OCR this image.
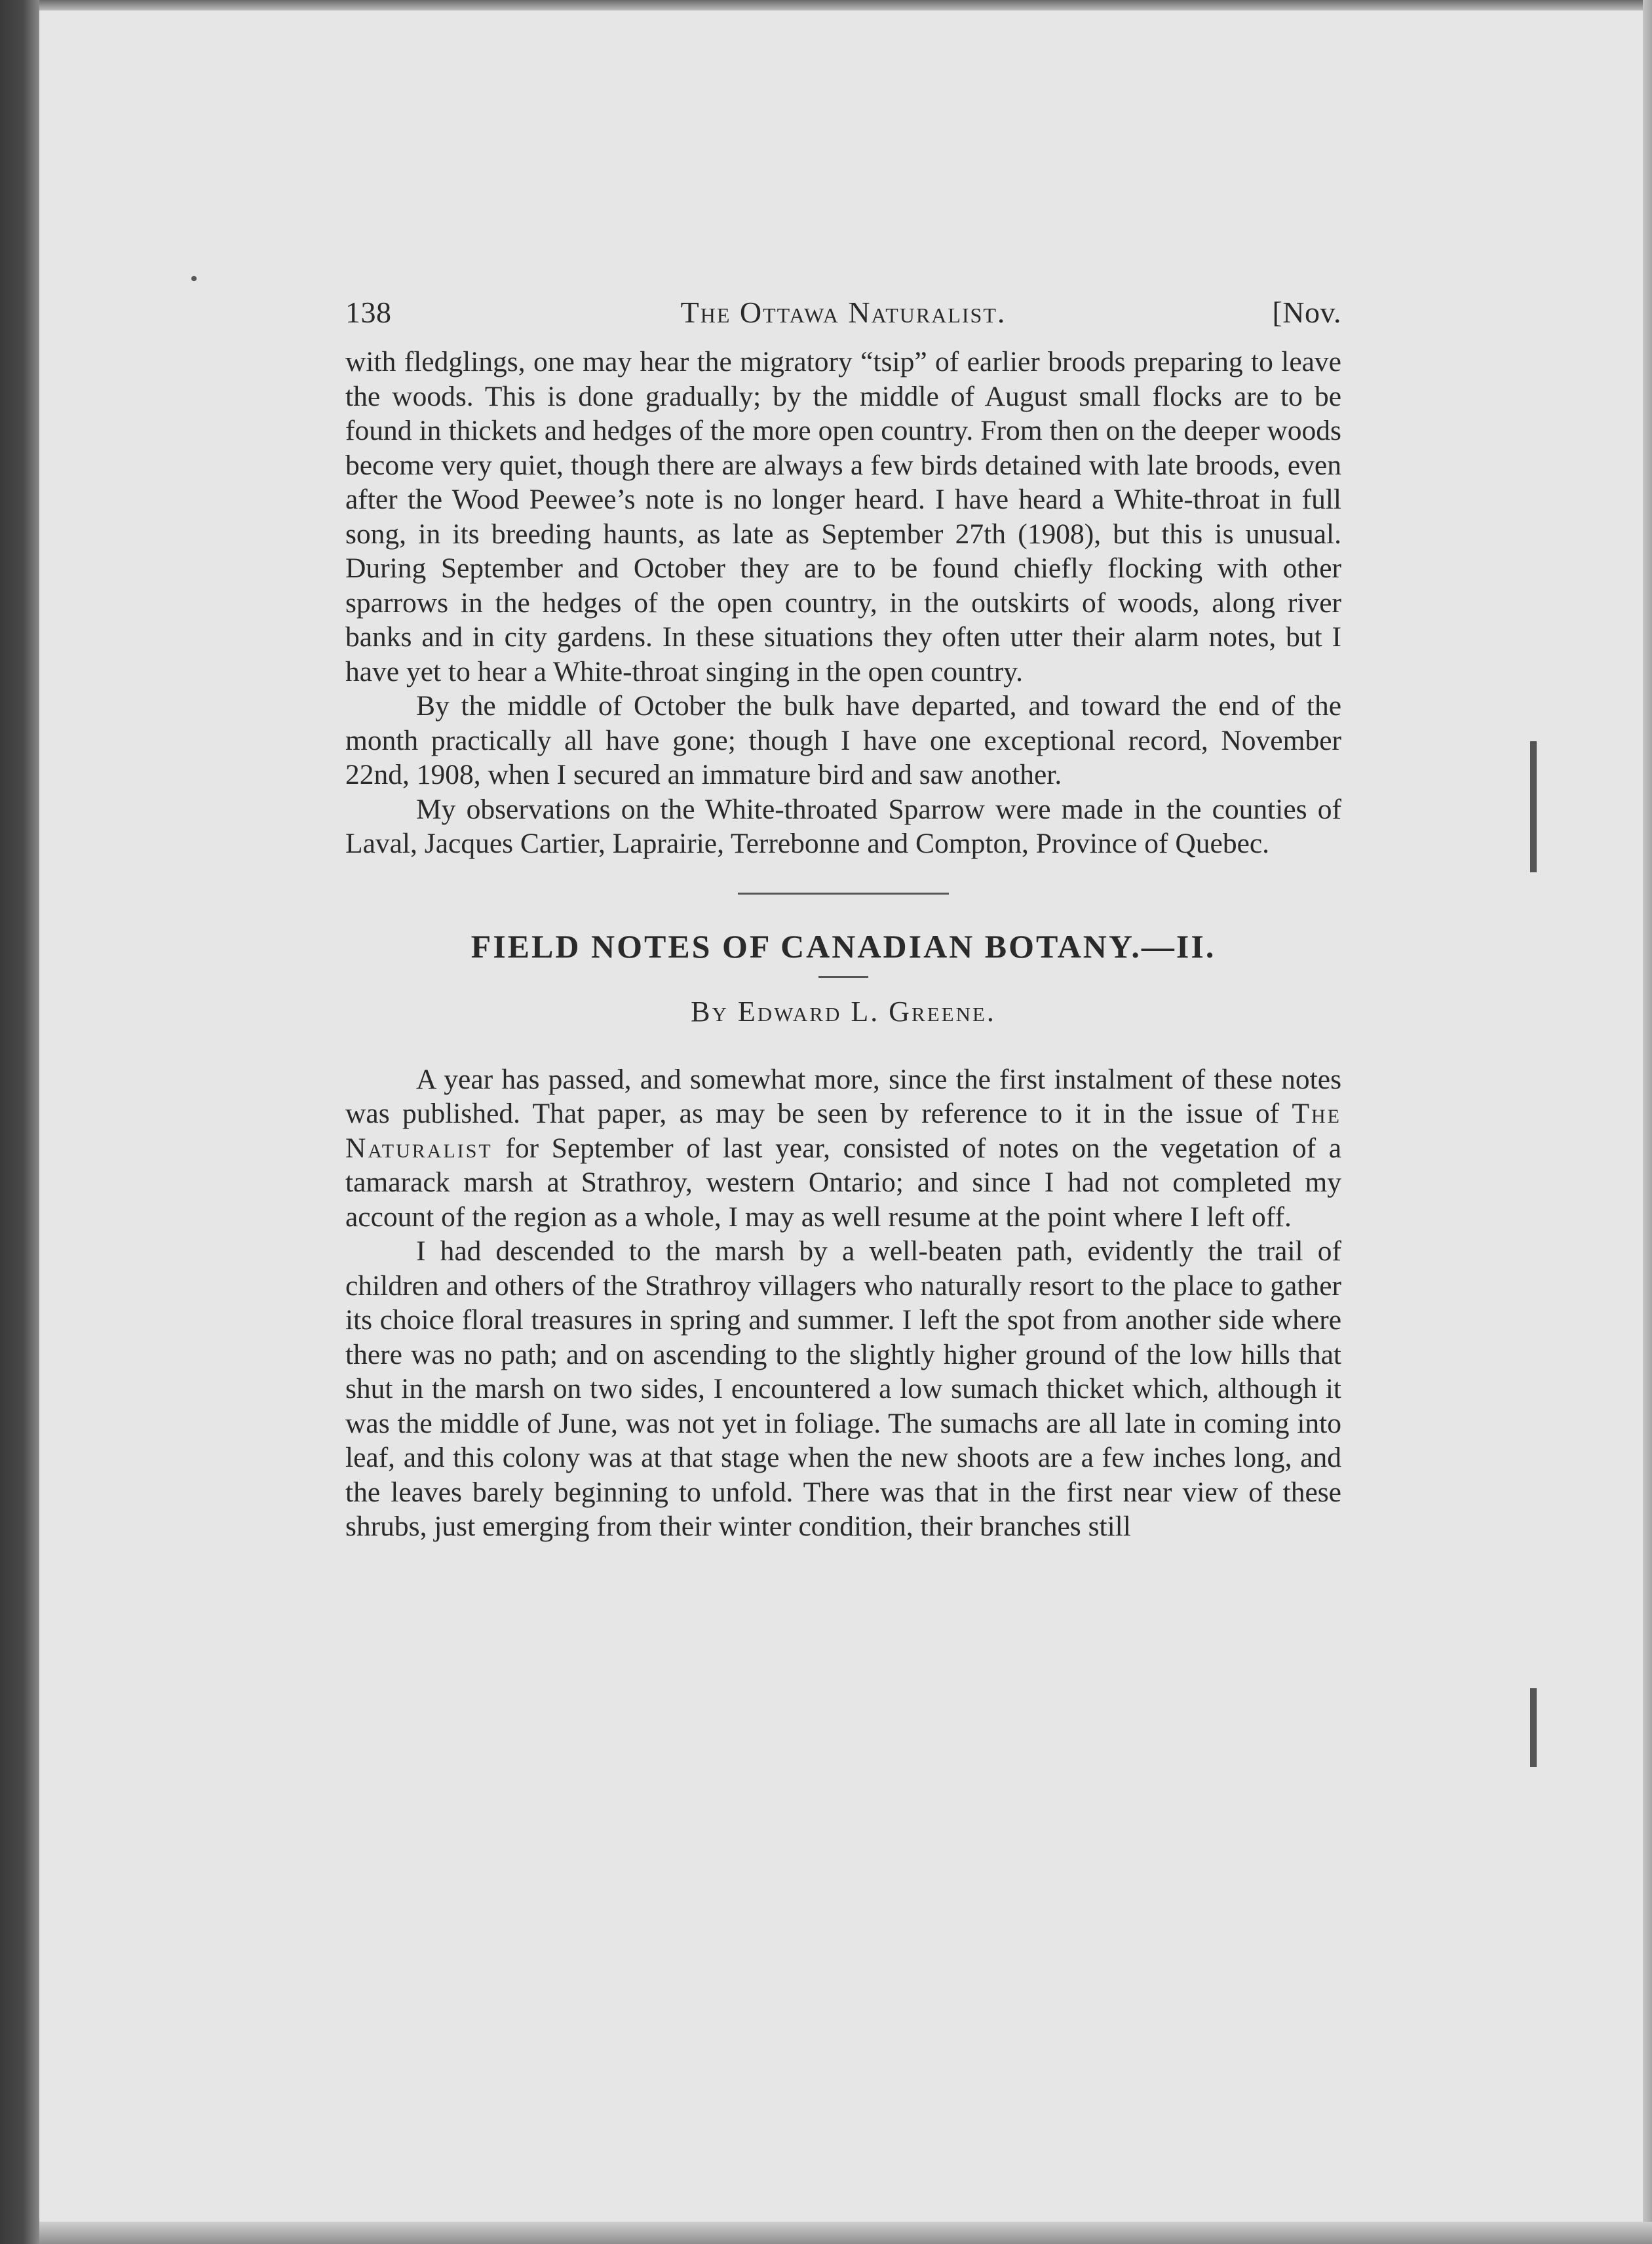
138	The Ottawa Naturalist.	[Nov.

with fledglings, one may hear the migratory “tsip” of earlier broods preparing to leave the woods. This is done gradually; by the middle of August small flocks are to be found in thickets and hedges of the more open country. From then on the deeper woods become very quiet, though there are always a few birds detained with late broods, even after the Wood Peewee’s note is no longer heard. I have heard a White-throat in full song, in its breeding haunts, as late as September 27th (1908), but this is unusual. During September and October they are to be found chiefly flocking with other sparrows in the hedges of the open country, in the outskirts of woods, along river banks and in city gardens. In these situations they often utter their alarm notes, but I have yet to hear a White-throat singing in the open country.

By the middle of October the bulk have departed, and toward the end of the month practically all have gone; though I have one exceptional record, November 22nd, 1908, when I secured an immature bird and saw another.

My observations on the White-throated Sparrow were made in the counties of Laval, Jacques Cartier, Laprairie, Terrebonne and Compton, Province of Quebec.

FIELD NOTES OF CANADIAN BOTANY.—II.
By Edward L. Greene.

A year has passed, and somewhat more, since the first instalment of these notes was published. That paper, as may be seen by reference to it in the issue of The Naturalist for September of last year, consisted of notes on the vegetation of a tamarack marsh at Strathroy, western Ontario; and since I had not completed my account of the region as a whole, I may as well resume at the point where I left off.

I had descended to the marsh by a well-beaten path, evidently the trail of children and others of the Strathroy villagers who naturally resort to the place to gather its choice floral treasures in spring and summer. I left the spot from another side where there was no path; and on ascending to the slightly higher ground of the low hills that shut in the marsh on two sides, I encountered a low sumach thicket which, although it was the middle of June, was not yet in foliage. The sumachs are all late in coming into leaf, and this colony was at that stage when the new shoots are a few inches long, and the leaves barely beginning to unfold. There was that in the first near view of these shrubs, just emerging from their winter condition, their branches still
